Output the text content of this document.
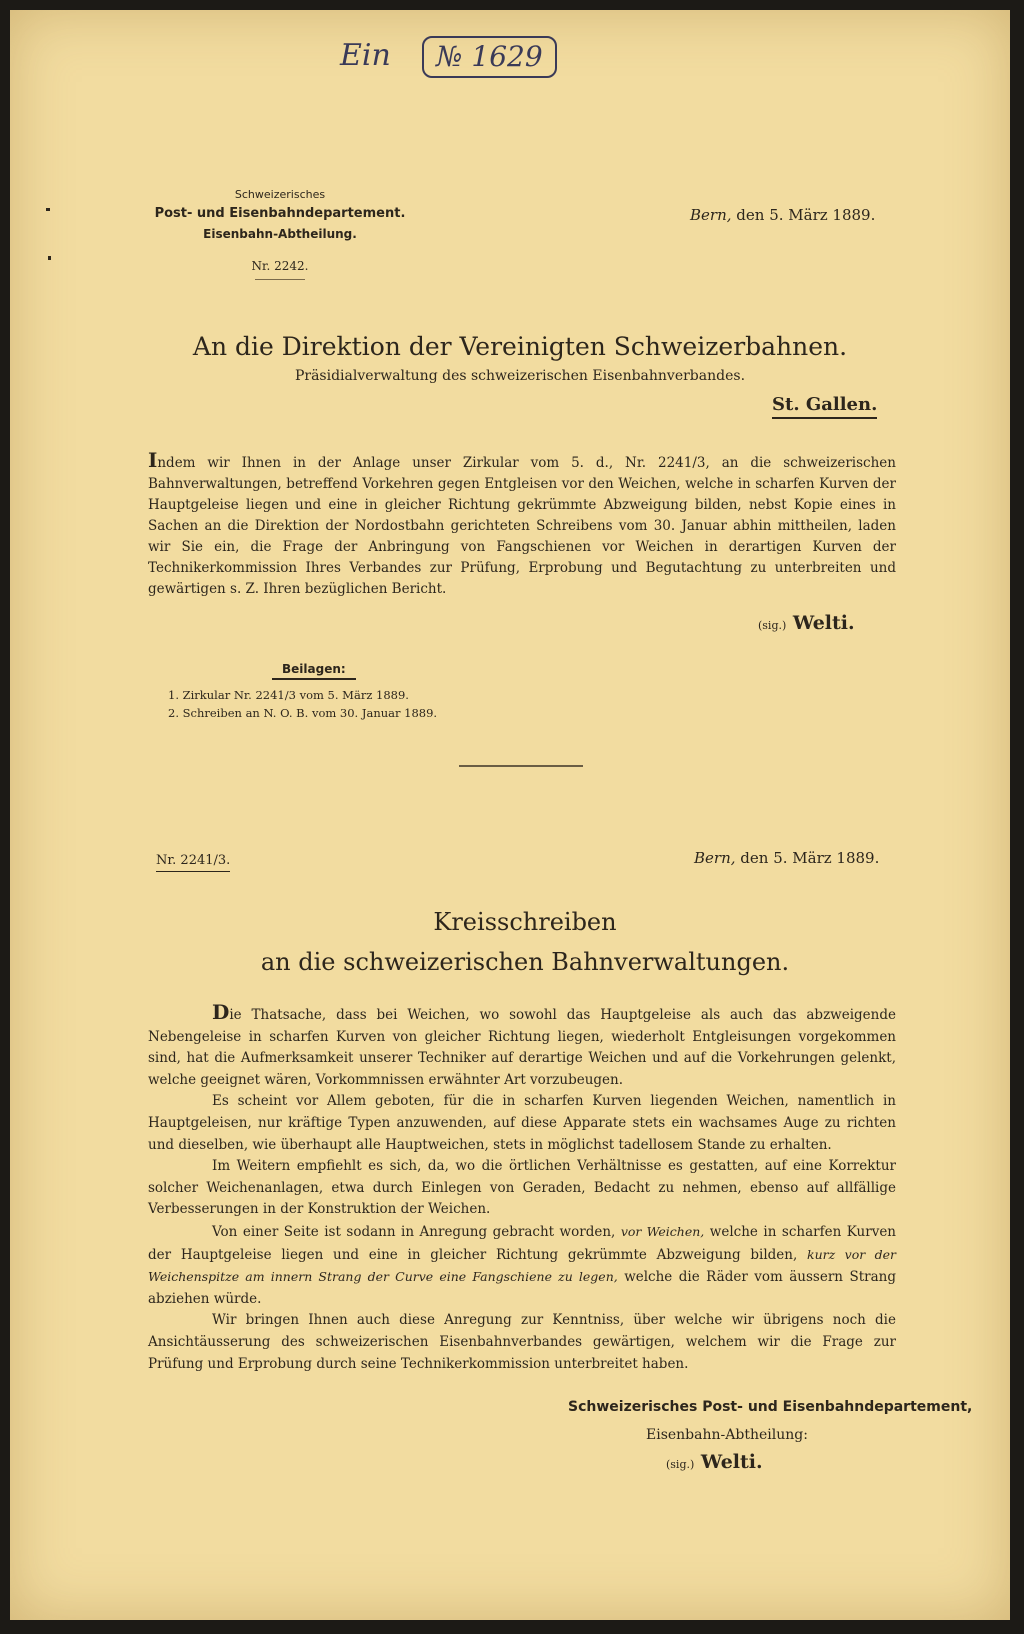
Ein	№ 1629
Schweizerisches
Post- und Eisenbahndepartement.
Eisenbahn-Abtheilung.
Nr. 2242.
Bern, den 5. März 1889.
An die Direktion der Vereinigten Schweizerbahnen.
Präsidialverwaltung des schweizerischen Eisenbahnverbandes.
St. Gallen.
Indem wir Ihnen in der Anlage unser Zirkular vom 5. d., Nr. 2241/3, an die schweizerischen Bahnverwaltungen, betreffend Vorkehren gegen Entgleisen vor den Weichen, welche in scharfen Kurven der Hauptgeleise liegen und eine in gleicher Richtung gekrümmte Abzweigung bilden, nebst Kopie eines in Sachen an die Direktion der Nordostbahn gerichteten Schreibens vom 30. Januar abhin mittheilen, laden wir Sie ein, die Frage der Anbringung von Fangschienen vor Weichen in derartigen Kurven der Technikerkommission Ihres Verbandes zur Prüfung, Erprobung und Begutachtung zu unterbreiten und gewärtigen s. Z. Ihren bezüglichen Bericht.
(sig.) Welti.
Beilagen:
1. Zirkular Nr. 2241/3 vom 5. März 1889.
2. Schreiben an N. O. B. vom 30. Januar 1889.
Nr. 2241/3.	Bern, den 5. März 1889.
Kreisschreiben
an die schweizerischen Bahnverwaltungen.

Die Thatsache, dass bei Weichen, wo sowohl das Hauptgeleise als auch das abzweigende Nebengeleise in scharfen Kurven von gleicher Richtung liegen, wiederholt Entgleisungen vorgekommen sind, hat die Aufmerksamkeit unserer Techniker auf derartige Weichen und auf die Vorkehrungen gelenkt, welche geeignet wären, Vorkommnissen erwähnter Art vorzubeugen.

Es scheint vor Allem geboten, für die in scharfen Kurven liegenden Weichen, namentlich in Hauptgeleisen, nur kräftige Typen anzuwenden, auf diese Apparate stets ein wachsames Auge zu richten und dieselben, wie überhaupt alle Hauptweichen, stets in möglichst tadellosem Stande zu erhalten.

Im Weitern empfiehlt es sich, da, wo die örtlichen Verhältnisse es gestatten, auf eine Korrektur solcher Weichenanlagen, etwa durch Einlegen von Geraden, Bedacht zu nehmen, ebenso auf allfällige Verbesserungen in der Konstruktion der Weichen.

Von einer Seite ist sodann in Anregung gebracht worden, vor Weichen, welche in scharfen Kurven der Hauptgeleise liegen und eine in gleicher Richtung gekrümmte Abzweigung bilden, kurz vor der Weichenspitze am innern Strang der Curve eine Fangschiene zu legen, welche die Räder vom äussern Strang abziehen würde.

Wir bringen Ihnen auch diese Anregung zur Kenntniss, über welche wir übrigens noch die Ansichtäusserung des schweizerischen Eisenbahnverbandes gewärtigen, welchem wir die Frage zur Prüfung und Erprobung durch seine Technikerkommission unterbreitet haben.

Schweizerisches Post- und Eisenbahndepartement,
Eisenbahn-Abtheilung:
(sig.) Welti.
